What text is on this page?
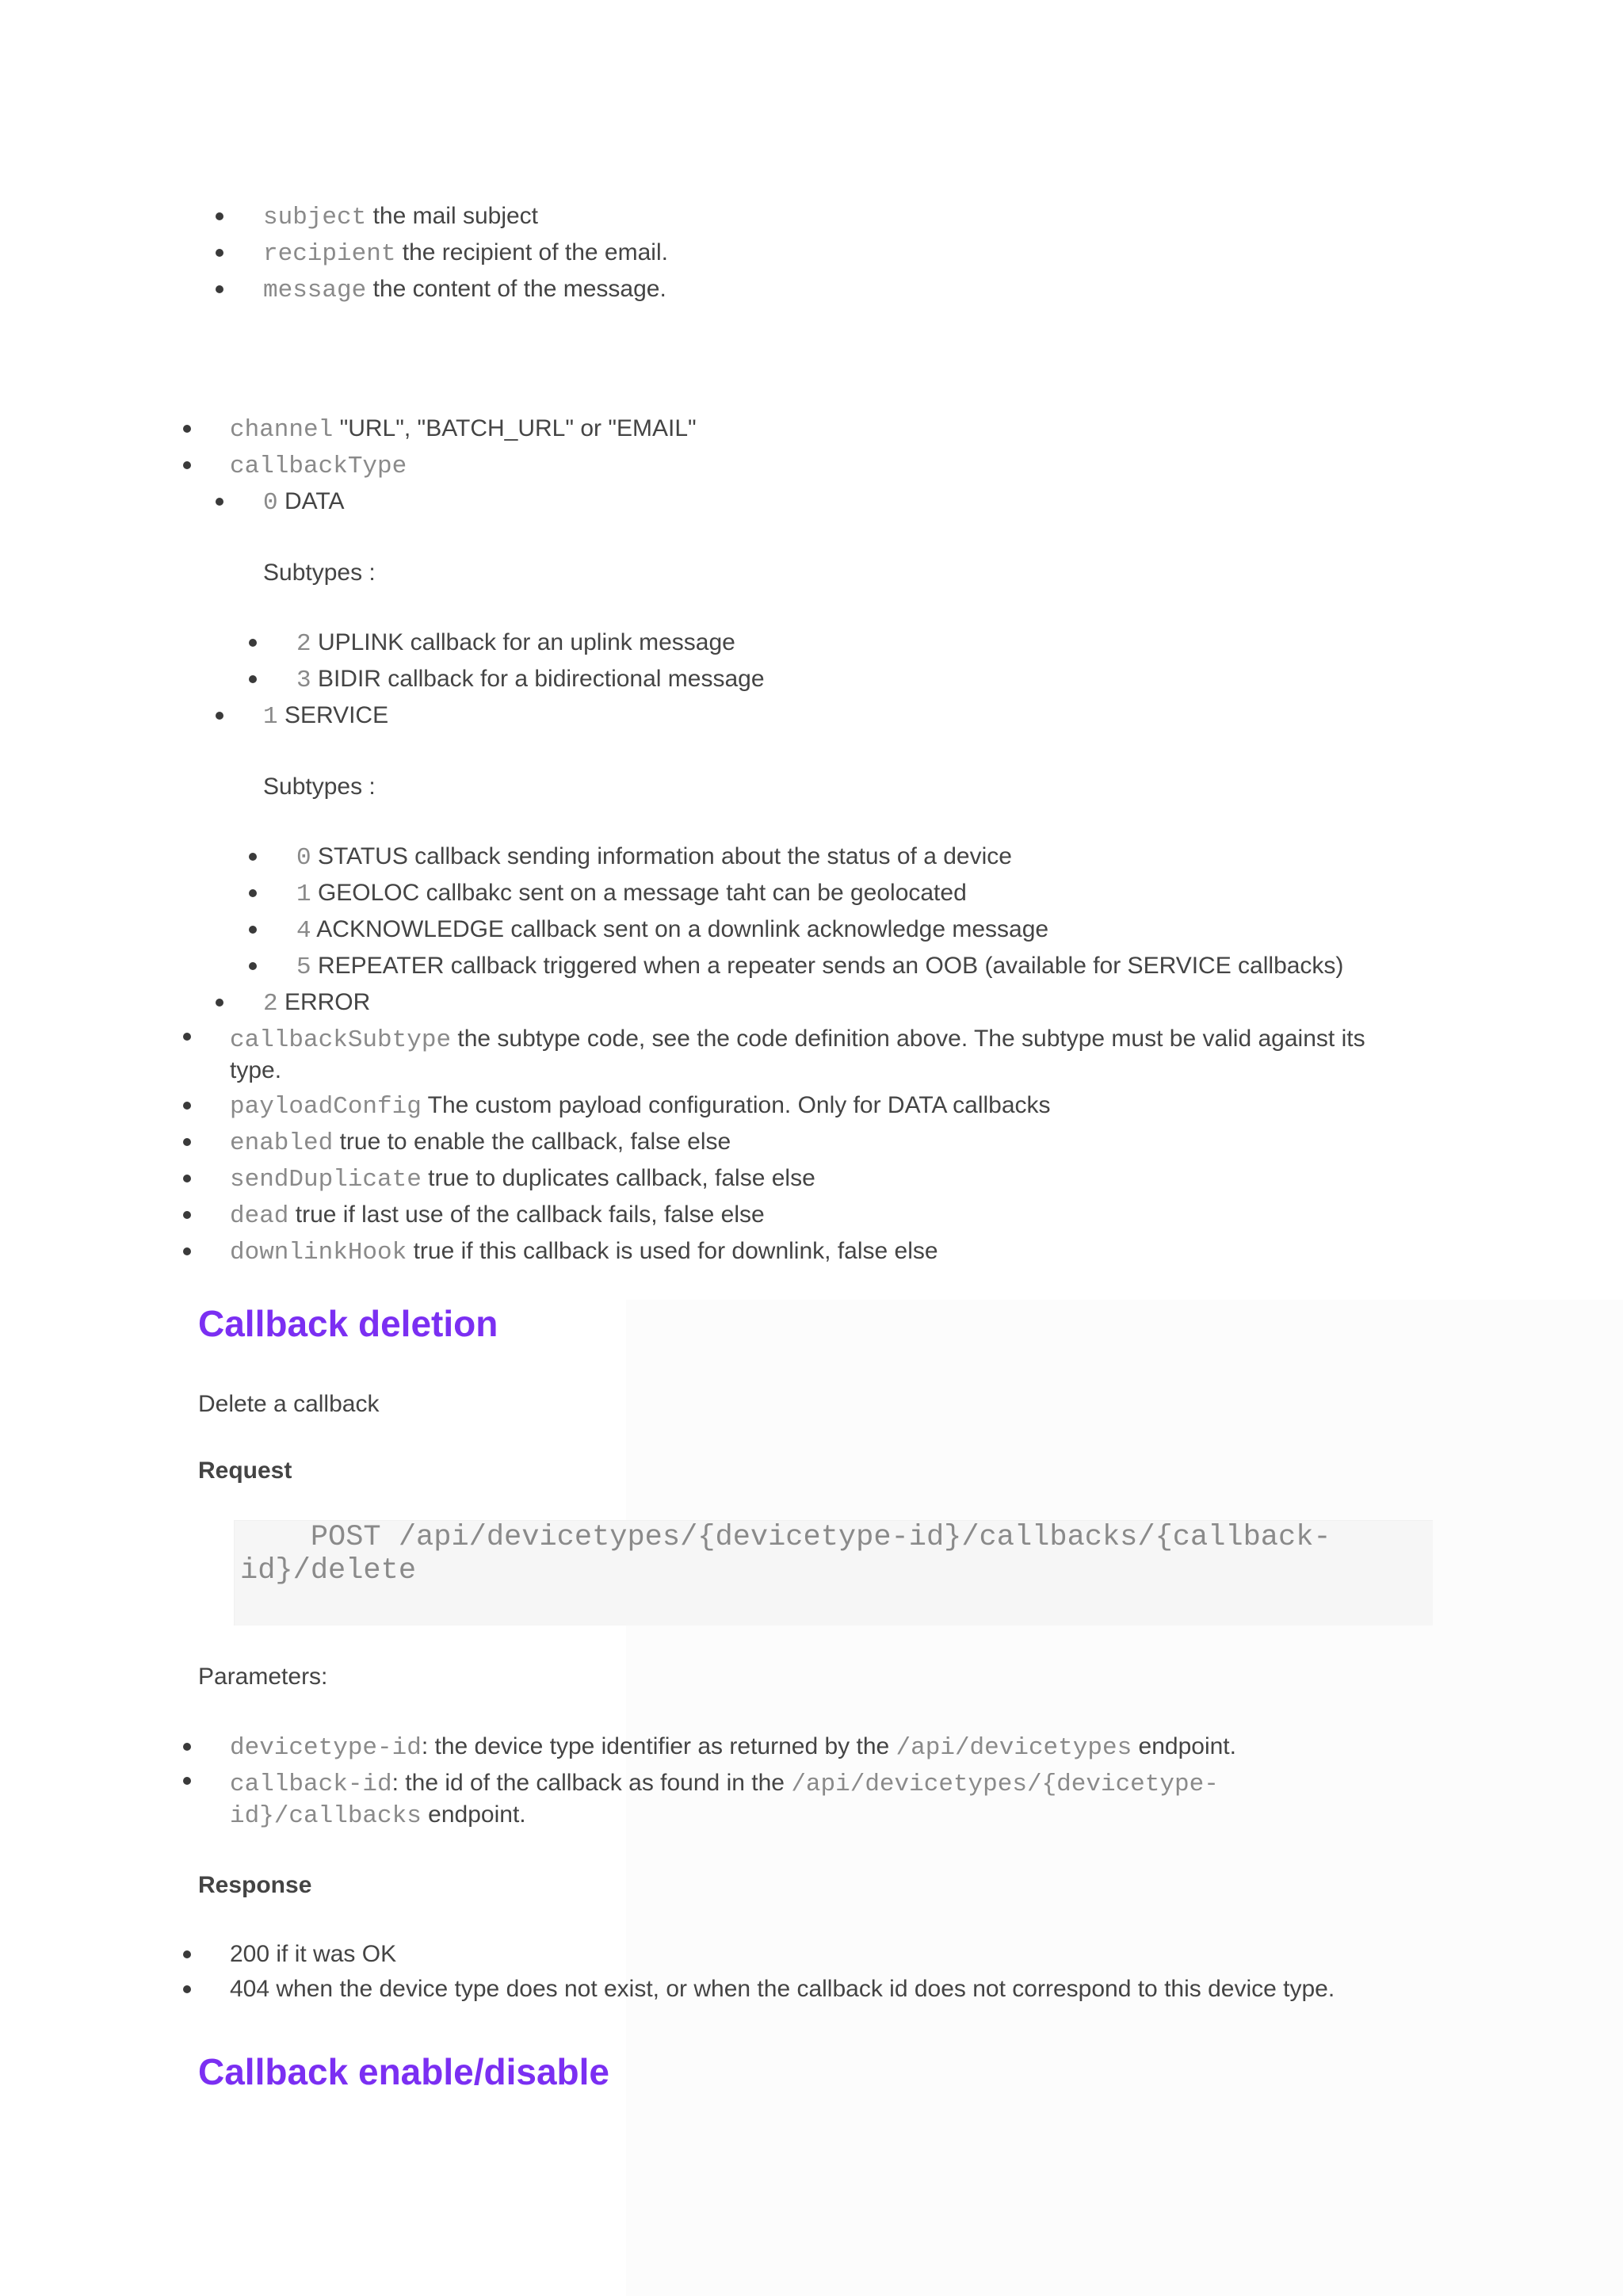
subject the mail subject
recipient the recipient of the email.
message the content of the message.
channel "URL", "BATCH_URL" or "EMAIL"
callbackType
0 DATA
Subtypes :
2 UPLINK callback for an uplink message
3 BIDIR callback for a bidirectional message
1 SERVICE
Subtypes :
0 STATUS callback sending information about the status of a device
1 GEOLOC callbakc sent on a message taht can be geolocated
4 ACKNOWLEDGE callback sent on a downlink acknowledge message
5 REPEATER callback triggered when a repeater sends an OOB (available for SERVICE callbacks)
2 ERROR
callbackSubtype the subtype code, see the code definition above. The subtype must be valid against its
type.
payloadConfig The custom payload configuration. Only for DATA callbacks
enabled true to enable the callback, false else
sendDuplicate true to duplicates callback, false else
dead true if last use of the callback fails, false else
downlinkHook true if this callback is used for downlink, false else
Callback deletion

Delete a callback

Request

POST /api/devicetypes/{devicetype-id}/callbacks/{callback-
id}/delete

Parameters:

devicetype-id: the device type identifier as returned by the /api/devicetypes endpoint.
callback-id: the id of the callback as found in the /api/devicetypes/{devicetype-
id}/callbacks endpoint.

Response

200 if it was OK
404 when the device type does not exist, or when the callback id does not correspond to this device type.
Callback enable/disable
